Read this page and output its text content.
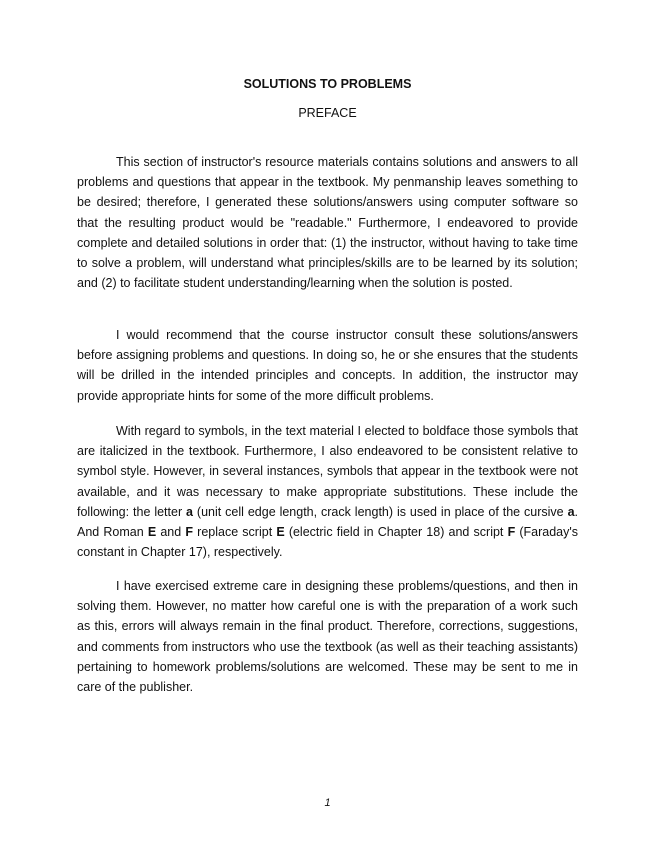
SOLUTIONS TO PROBLEMS
PREFACE

This section of instructor's resource materials contains solutions and answers to all problems and questions that appear in the textbook. My penmanship leaves something to be desired; therefore, I generated these solutions/answers using computer software so that the resulting product would be "readable." Furthermore, I endeavored to provide complete and detailed solutions in order that: (1) the instructor, without having to take time to solve a problem, will understand what principles/skills are to be learned by its solution; and (2) to facilitate student understanding/learning when the solution is posted.

I would recommend that the course instructor consult these solutions/answers before assigning problems and questions. In doing so, he or she ensures that the students will be drilled in the intended principles and concepts. In addition, the instructor may provide appropriate hints for some of the more difficult problems.

With regard to symbols, in the text material I elected to boldface those symbols that are italicized in the textbook. Furthermore, I also endeavored to be consistent relative to symbol style. However, in several instances, symbols that appear in the textbook were not available, and it was necessary to make appropriate substitutions. These include the following: the letter a (unit cell edge length, crack length) is used in place of the cursive a. And Roman E and F replace script E (electric field in Chapter 18) and script F (Faraday's constant in Chapter 17), respectively.

I have exercised extreme care in designing these problems/questions, and then in solving them. However, no matter how careful one is with the preparation of a work such as this, errors will always remain in the final product. Therefore, corrections, suggestions, and comments from instructors who use the textbook (as well as their teaching assistants) pertaining to homework problems/solutions are welcomed. These may be sent to me in care of the publisher.

1
